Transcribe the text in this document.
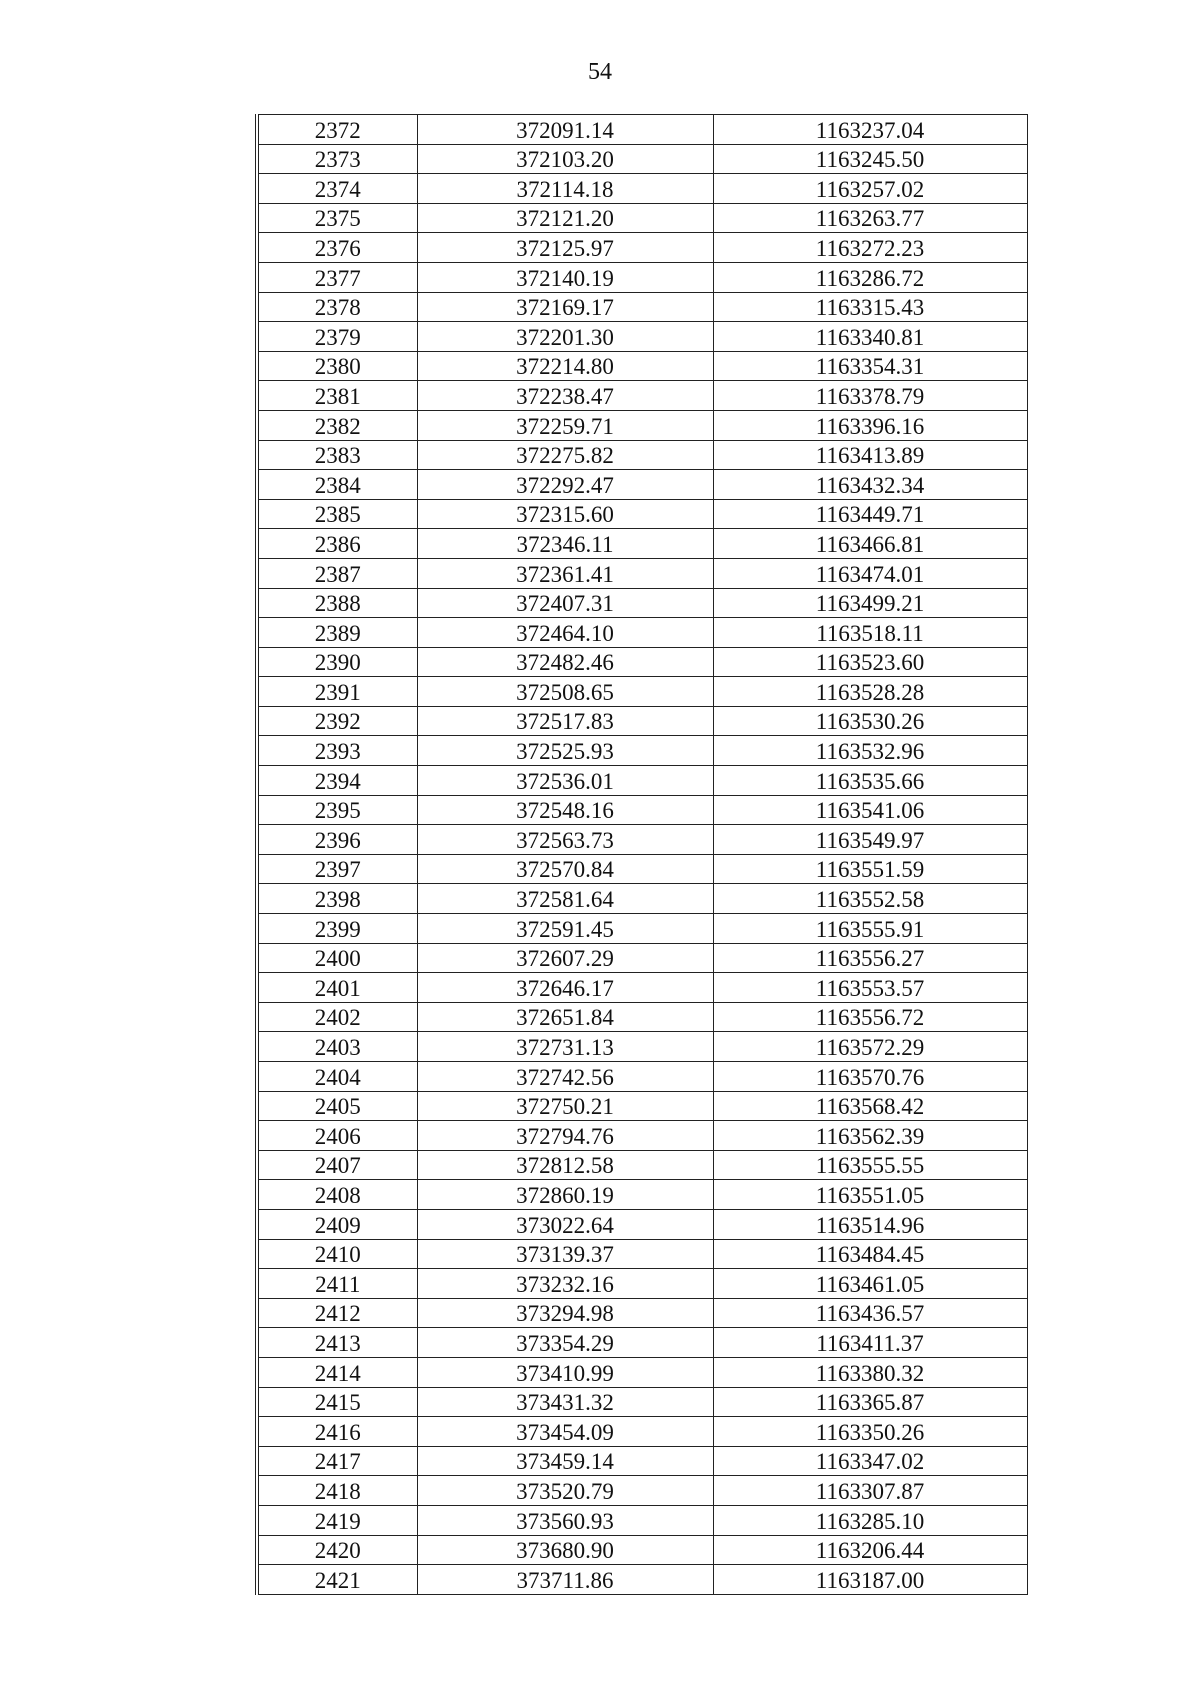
54
2372	372091.14	1163237.04
2373	372103.20	1163245.50
2374	372114.18	1163257.02
2375	372121.20	1163263.77
2376	372125.97	1163272.23
2377	372140.19	1163286.72
2378	372169.17	1163315.43
2379	372201.30	1163340.81
2380	372214.80	1163354.31
2381	372238.47	1163378.79
2382	372259.71	1163396.16
2383	372275.82	1163413.89
2384	372292.47	1163432.34
2385	372315.60	1163449.71
2386	372346.11	1163466.81
2387	372361.41	1163474.01
2388	372407.31	1163499.21
2389	372464.10	1163518.11
2390	372482.46	1163523.60
2391	372508.65	1163528.28
2392	372517.83	1163530.26
2393	372525.93	1163532.96
2394	372536.01	1163535.66
2395	372548.16	1163541.06
2396	372563.73	1163549.97
2397	372570.84	1163551.59
2398	372581.64	1163552.58
2399	372591.45	1163555.91
2400	372607.29	1163556.27
2401	372646.17	1163553.57
2402	372651.84	1163556.72
2403	372731.13	1163572.29
2404	372742.56	1163570.76
2405	372750.21	1163568.42
2406	372794.76	1163562.39
2407	372812.58	1163555.55
2408	372860.19	1163551.05
2409	373022.64	1163514.96
2410	373139.37	1163484.45
2411	373232.16	1163461.05
2412	373294.98	1163436.57
2413	373354.29	1163411.37
2414	373410.99	1163380.32
2415	373431.32	1163365.87
2416	373454.09	1163350.26
2417	373459.14	1163347.02
2418	373520.79	1163307.87
2419	373560.93	1163285.10
2420	373680.90	1163206.44
2421	373711.86	1163187.00
